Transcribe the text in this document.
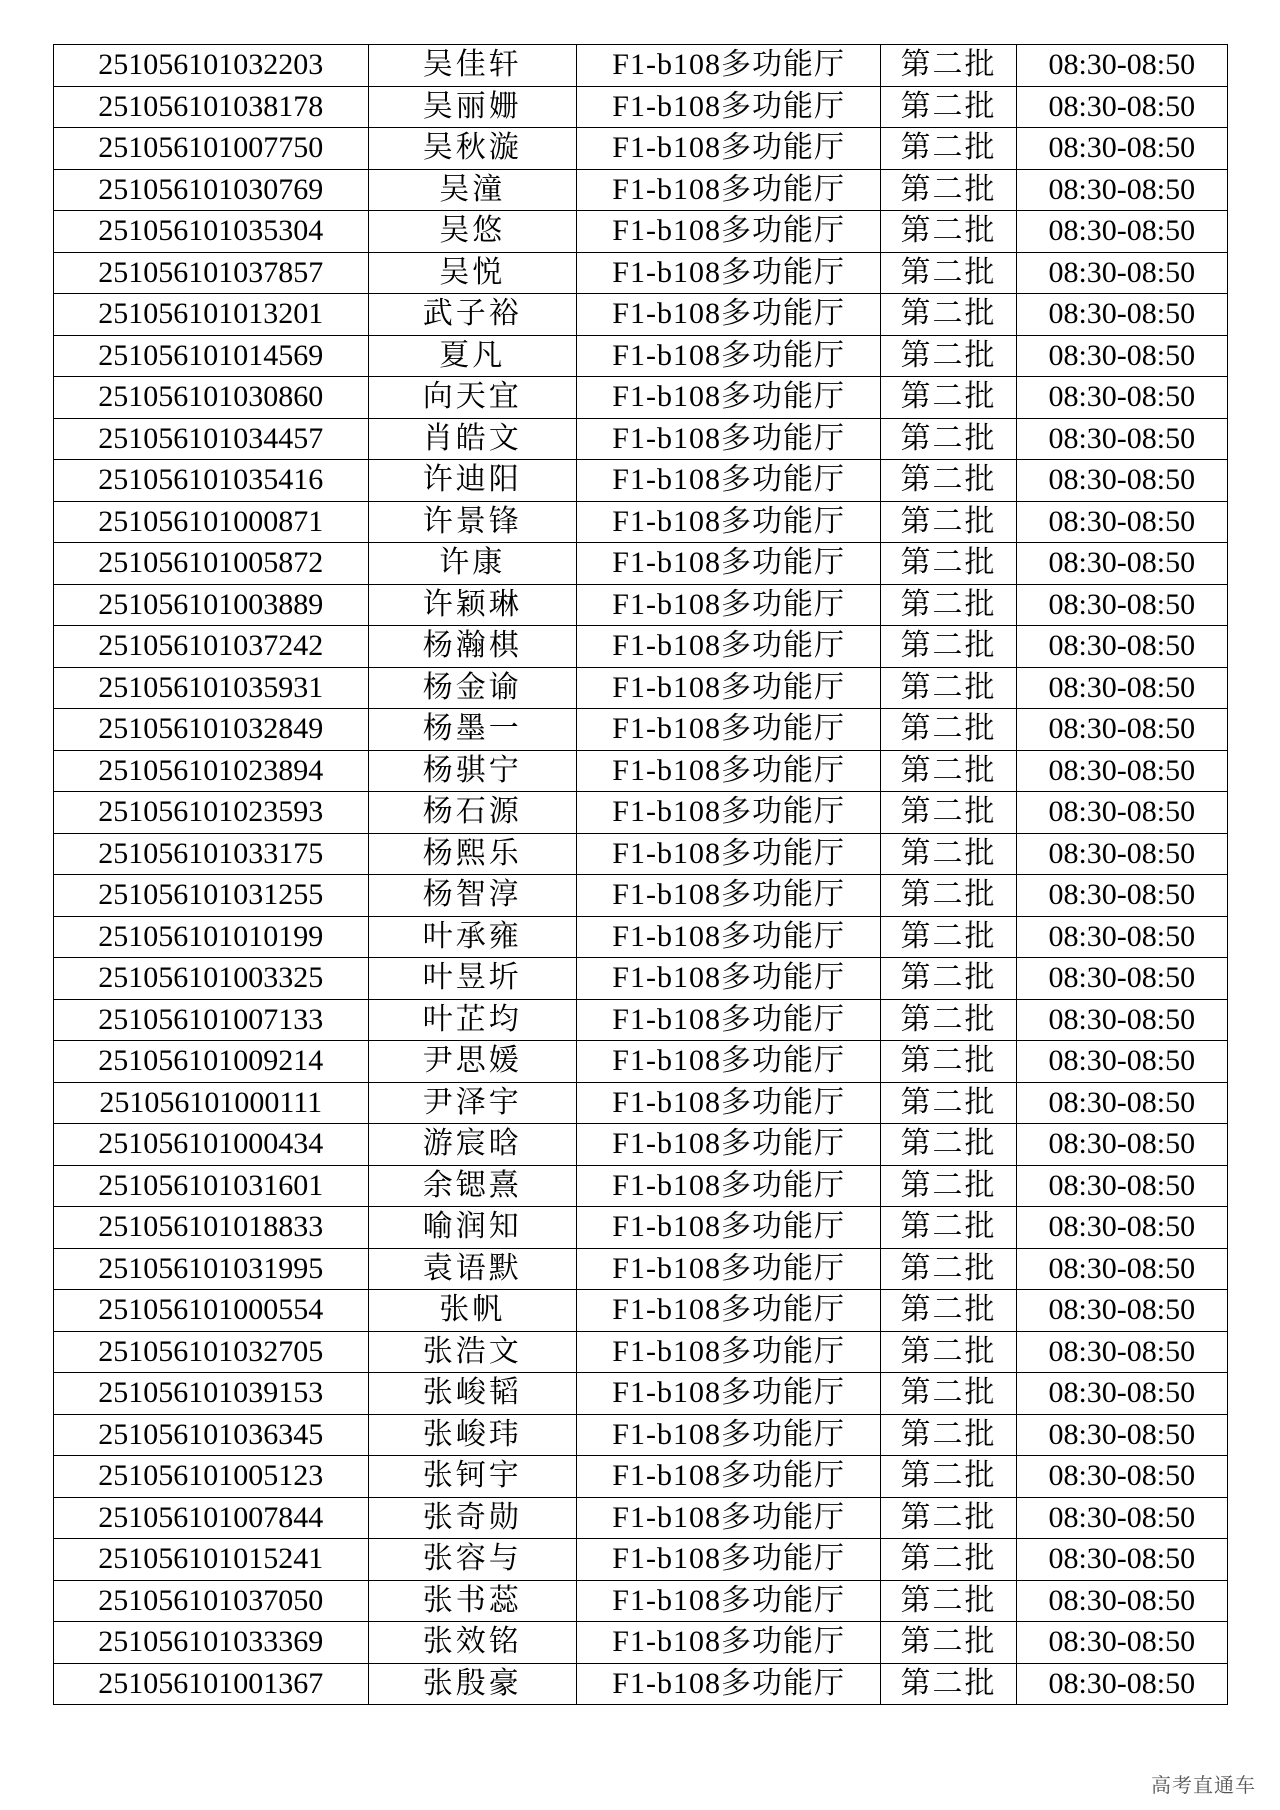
251056101032203	吴佳轩	F1-b108多功能厅	第二批	08:30-08:50
251056101038178	吴丽姗	F1-b108多功能厅	第二批	08:30-08:50
251056101007750	吴秋漩	F1-b108多功能厅	第二批	08:30-08:50
251056101030769	吴潼	F1-b108多功能厅	第二批	08:30-08:50
251056101035304	吴悠	F1-b108多功能厅	第二批	08:30-08:50
251056101037857	吴悦	F1-b108多功能厅	第二批	08:30-08:50
251056101013201	武子裕	F1-b108多功能厅	第二批	08:30-08:50
251056101014569	夏凡	F1-b108多功能厅	第二批	08:30-08:50
251056101030860	向天宜	F1-b108多功能厅	第二批	08:30-08:50
251056101034457	肖皓文	F1-b108多功能厅	第二批	08:30-08:50
251056101035416	许迪阳	F1-b108多功能厅	第二批	08:30-08:50
251056101000871	许景锋	F1-b108多功能厅	第二批	08:30-08:50
251056101005872	许康	F1-b108多功能厅	第二批	08:30-08:50
251056101003889	许颖琳	F1-b108多功能厅	第二批	08:30-08:50
251056101037242	杨瀚棋	F1-b108多功能厅	第二批	08:30-08:50
251056101035931	杨金谕	F1-b108多功能厅	第二批	08:30-08:50
251056101032849	杨墨一	F1-b108多功能厅	第二批	08:30-08:50
251056101023894	杨骐宁	F1-b108多功能厅	第二批	08:30-08:50
251056101023593	杨石源	F1-b108多功能厅	第二批	08:30-08:50
251056101033175	杨熙乐	F1-b108多功能厅	第二批	08:30-08:50
251056101031255	杨智淳	F1-b108多功能厅	第二批	08:30-08:50
251056101010199	叶承雍	F1-b108多功能厅	第二批	08:30-08:50
251056101003325	叶昱圻	F1-b108多功能厅	第二批	08:30-08:50
251056101007133	叶芷均	F1-b108多功能厅	第二批	08:30-08:50
251056101009214	尹思媛	F1-b108多功能厅	第二批	08:30-08:50
251056101000111	尹泽宇	F1-b108多功能厅	第二批	08:30-08:50
251056101000434	游宸晗	F1-b108多功能厅	第二批	08:30-08:50
251056101031601	余锶熹	F1-b108多功能厅	第二批	08:30-08:50
251056101018833	喻润知	F1-b108多功能厅	第二批	08:30-08:50
251056101031995	袁语默	F1-b108多功能厅	第二批	08:30-08:50
251056101000554	张帆	F1-b108多功能厅	第二批	08:30-08:50
251056101032705	张浩文	F1-b108多功能厅	第二批	08:30-08:50
251056101039153	张峻韬	F1-b108多功能厅	第二批	08:30-08:50
251056101036345	张峻玮	F1-b108多功能厅	第二批	08:30-08:50
251056101005123	张钶宇	F1-b108多功能厅	第二批	08:30-08:50
251056101007844	张奇勋	F1-b108多功能厅	第二批	08:30-08:50
251056101015241	张容与	F1-b108多功能厅	第二批	08:30-08:50
251056101037050	张书蕊	F1-b108多功能厅	第二批	08:30-08:50
251056101033369	张效铭	F1-b108多功能厅	第二批	08:30-08:50
251056101001367	张殷豪	F1-b108多功能厅	第二批	08:30-08:50
高考直通车
